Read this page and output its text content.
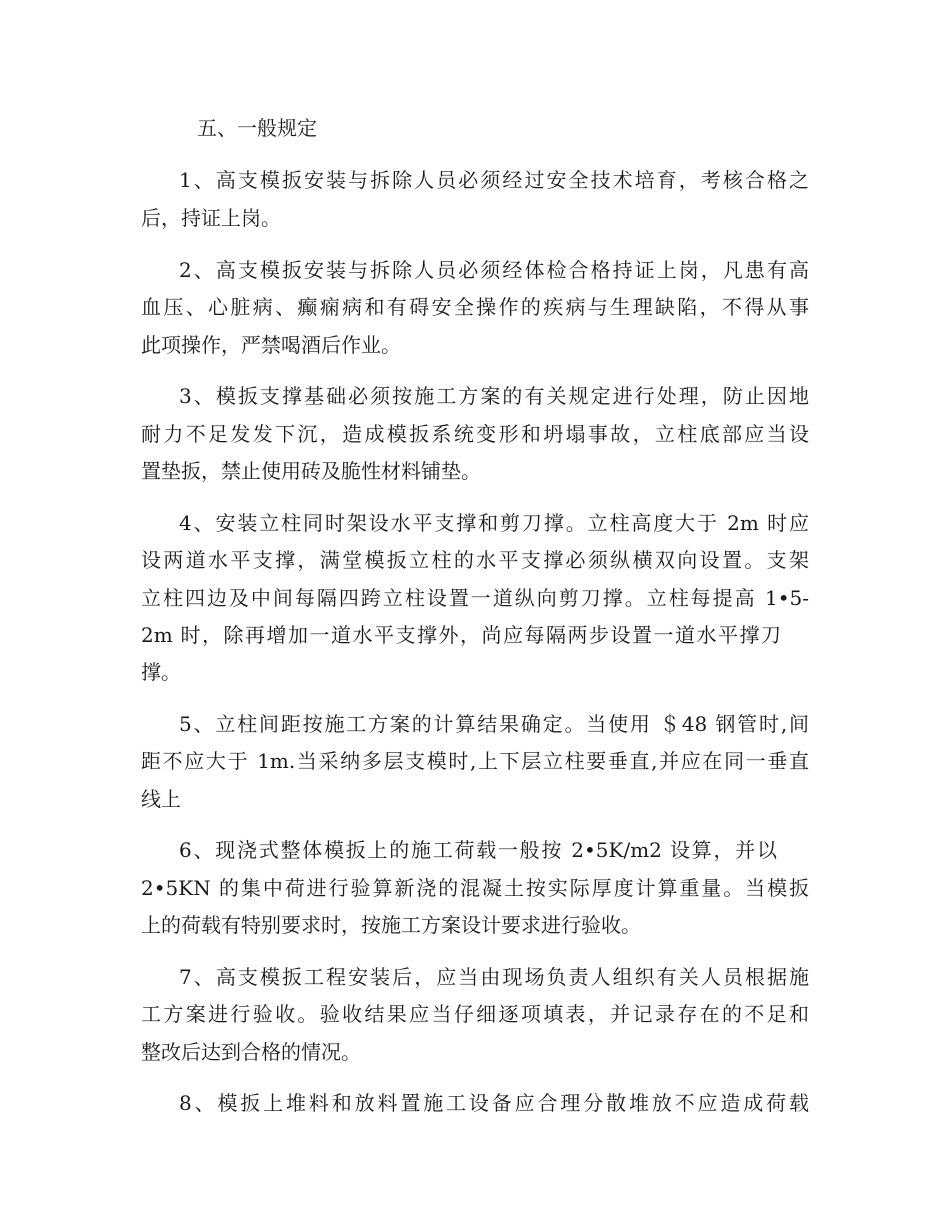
五、一般规定
1、高支模扳安装与拆除人员必须经过安全技术培育，考核合格之
后，持证上岗。
2、高支模扳安装与拆除人员必须经体检合格持证上岗，凡患有高
血压、心脏病、癫痫病和有碍安全操作的疾病与生理缺陷，不得从事
此项操作，严禁喝酒后作业。
3、模扳支撑基础必须按施工方案的有关规定进行处理，防止因地
耐力不足发发下沉，造成模扳系统变形和坍塌事故，立柱底部应当设
置垫扳，禁止使用砖及脆性材料铺垫。
4、安装立柱同时架设水平支撑和剪刀撑。立柱高度大于 2m 时应
设两道水平支撑，满堂模扳立柱的水平支撑必须纵横双向设置。支架
立柱四边及中间每隔四跨立柱设置一道纵向剪刀撑。立柱每提高 1•5-
2m 时，除再增加一道水平支撑外，尚应每隔两步设置一道水平撑刀
撑。
5、立柱间距按施工方案的计算结果确定。当使用 ＄48 钢管时,间
距不应大于 1m.当采纳多层支模时,上下层立柱要垂直,并应在同一垂直
线上
6、现浇式整体模扳上的施工荷载一般按 2•5K/m2 设算，并以
2•5KN 的集中荷进行验算新浇的混凝土按实际厚度计算重量。当模扳
上的荷载有特别要求时，按施工方案设计要求进行验收。
7、高支模扳工程安装后，应当由现场负责人组织有关人员根据施
工方案进行验收。验收结果应当仔细逐项填表，并记录存在的不足和
整改后达到合格的情况。
8、模扳上堆料和放料置施工设备应合理分散堆放不应造成荷载
